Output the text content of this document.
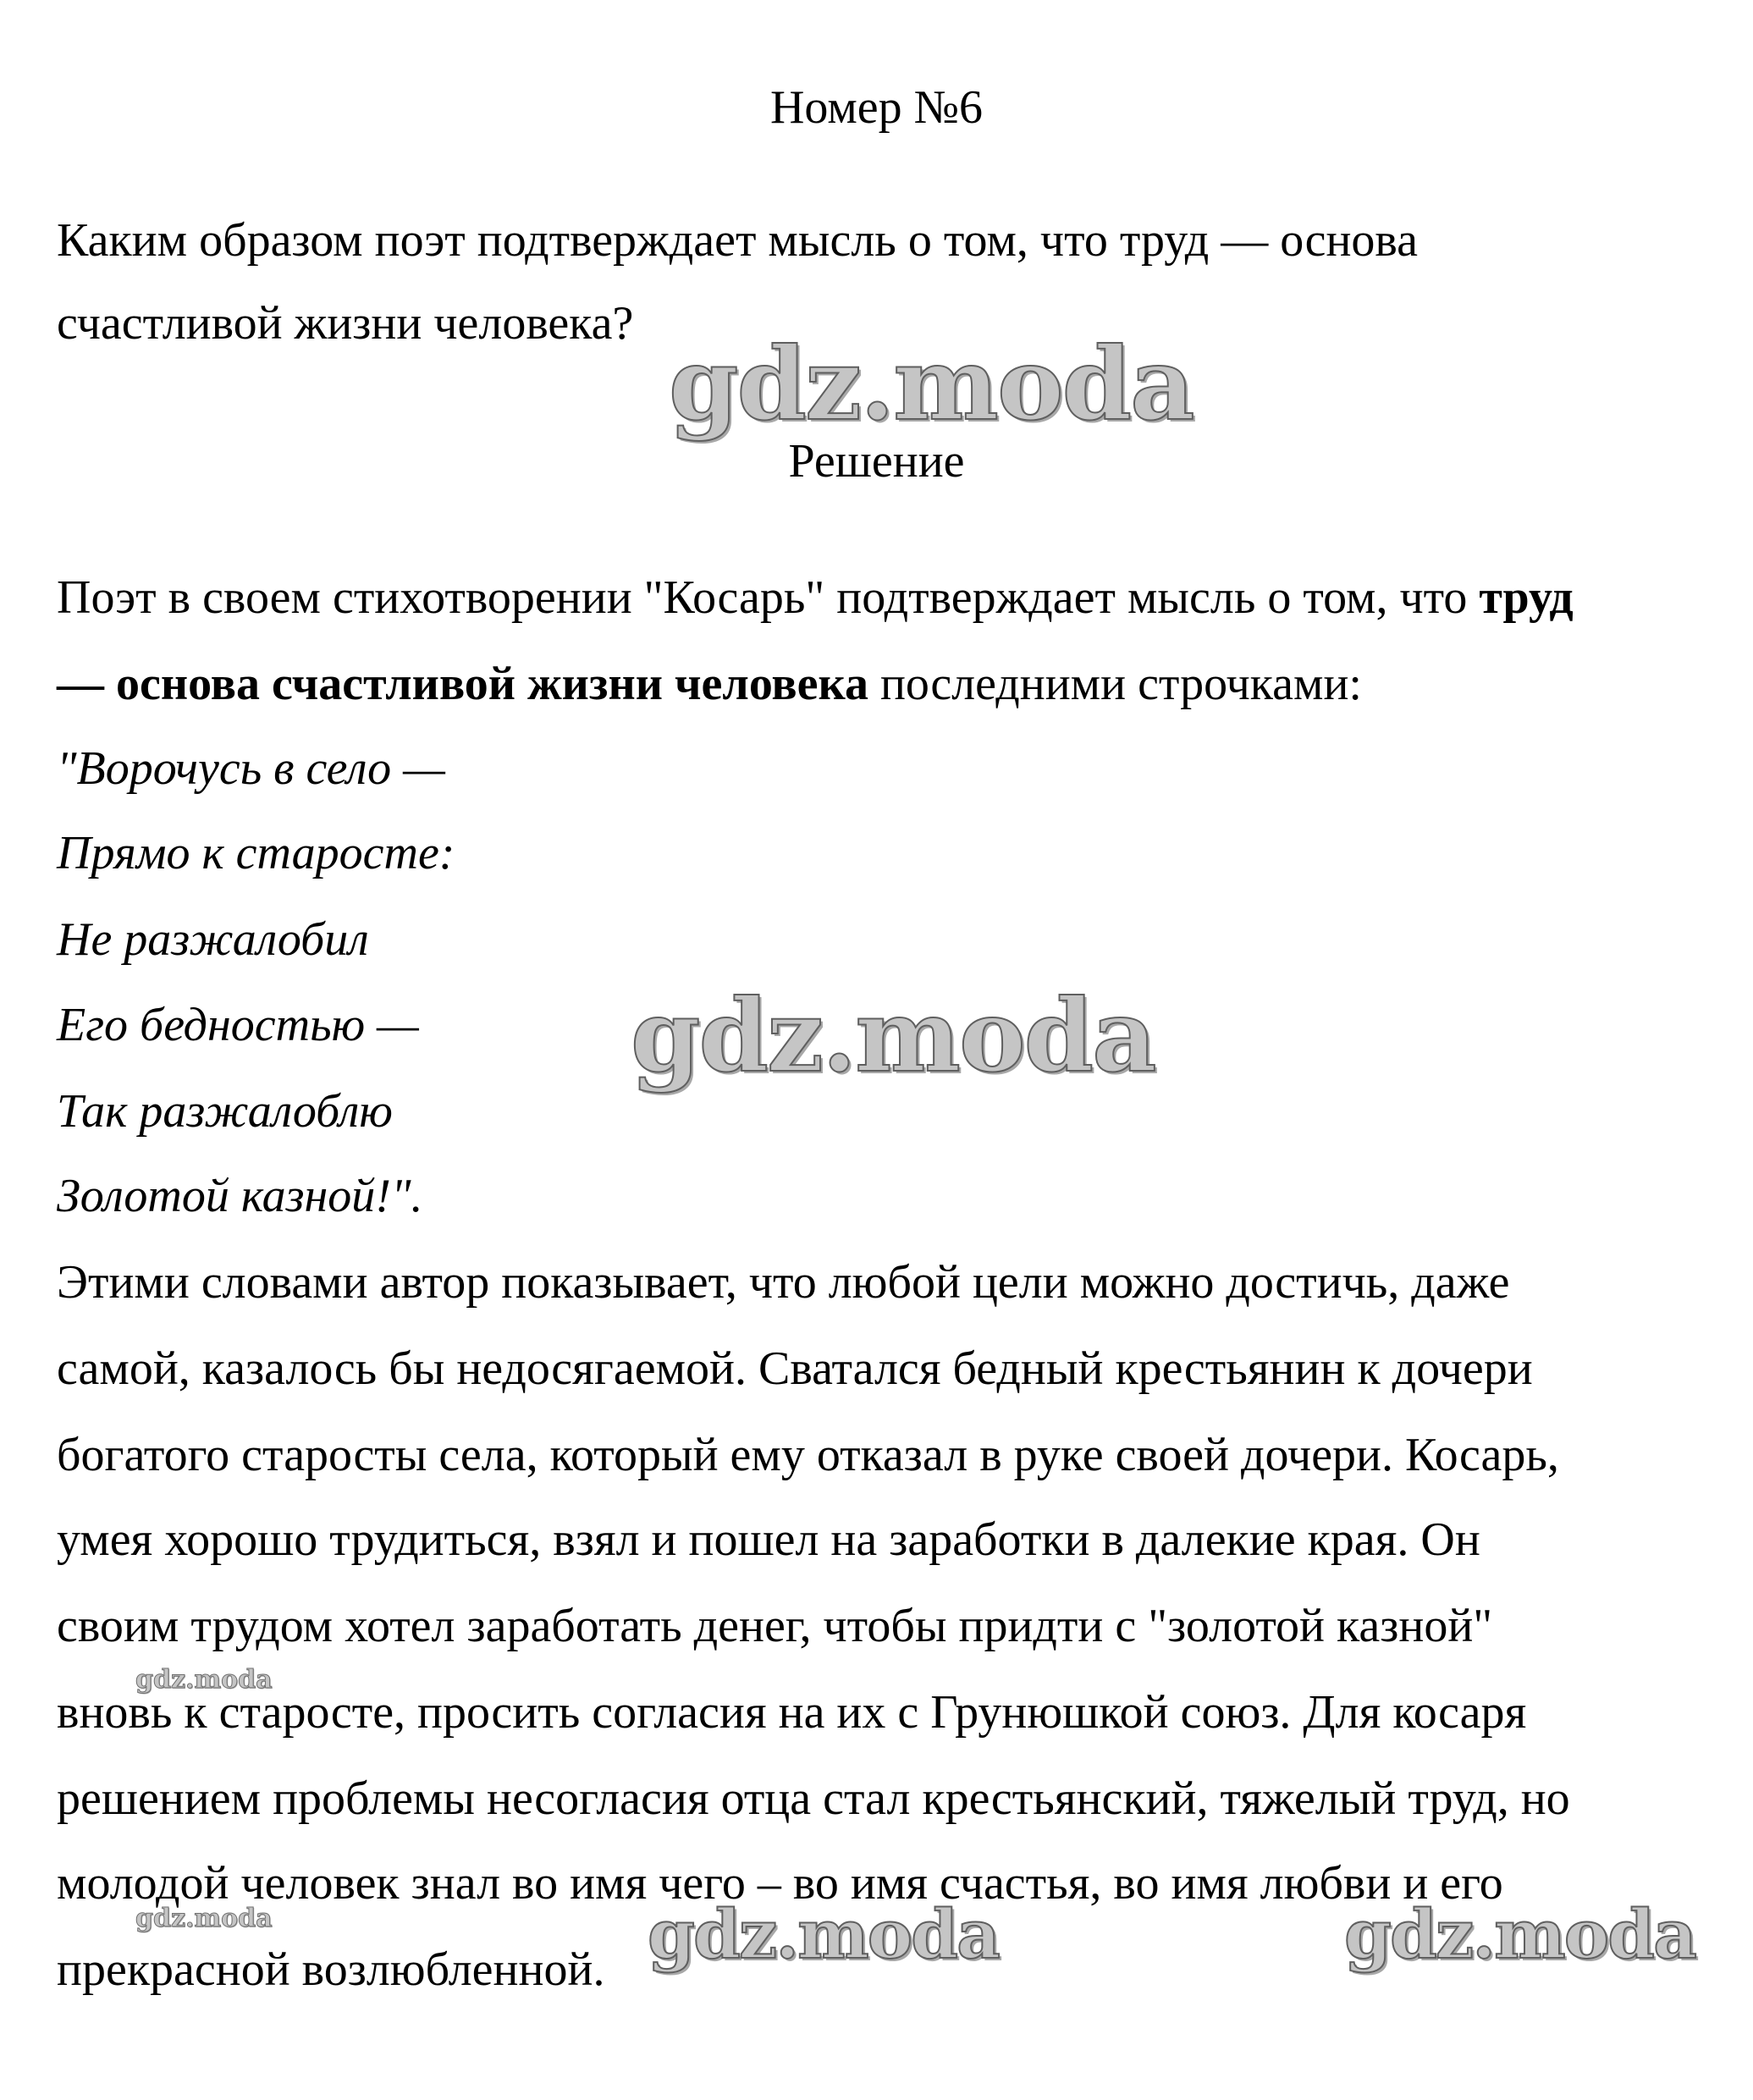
Номер №6
Каким образом поэт подтверждает мысль о том, что труд — основа
счастливой жизни человека?
Решение
Поэт в своем стихотворении "Косарь" подтверждает мысль о том, что труд
— основа счастливой жизни человека последними строчками:
"Ворочусь в село —
Прямо к старосте:
Не разжалобил
Его бедностью —
Так разжалоблю
Золотой казной!".
Этими словами автор показывает, что любой цели можно достичь, даже
самой, казалось бы недосягаемой. Сватался бедный крестьянин к дочери
богатого старосты села, который ему отказал в руке своей дочери. Косарь,
умея хорошо трудиться, взял и пошел на заработки в далекие края. Он
своим трудом хотел заработать денег, чтобы придти с "золотой казной"
вновь к старосте, просить согласия на их с Грунюшкой союз. Для косаря
решением проблемы несогласия отца стал крестьянский, тяжелый труд, но
молодой человек знал во имя чего – во имя счастья, во имя любви и его
прекрасной возлюбленной.
gdz.moda
gdz.moda
gdz.moda	gdz.moda
gdz.moda
gdz.moda
